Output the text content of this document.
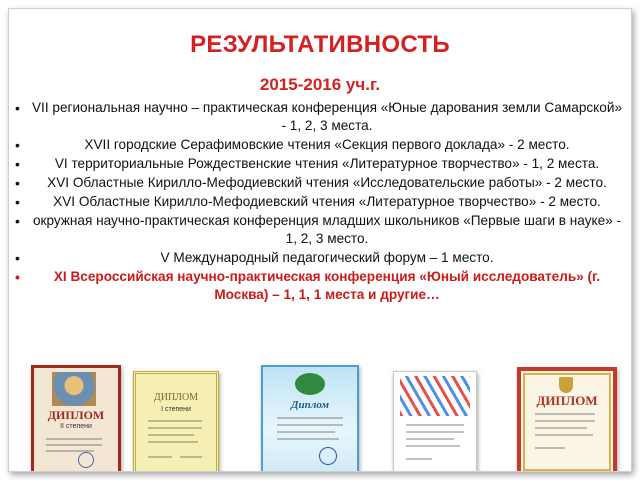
РЕЗУЛЬТАТИВНОСТЬ
2015-2016 уч.г.
• VII региональная научно – практическая конференция «Юные дарования земли Самарской» - 1, 2, 3 места.
• XVII городские Серафимовские чтения «Секция первого доклада» - 2 место.
• VI территориальные Рождественские чтения «Литературное творчество» - 1, 2 места.
• XVI Областные Кирилло-Мефодиевский чтения «Исследовательские работы» - 2 место.
• XVI Областные Кирилло-Мефодиевский чтения «Литературное творчество» - 2 место.
• окружная научно-практическая конференция младших школьников «Первые шаги в науке» - 1, 2, 3 место.
• V Международный педагогический форум – 1 место.
• XI Всероссийская научно-практическая конференция «Юный исследователь» (г. Москва) – 1, 1, 1 места и другие…
ДИПЛОМ
II степени
ДИПЛОМ
I степени	Диплом	ДИПЛОМ
